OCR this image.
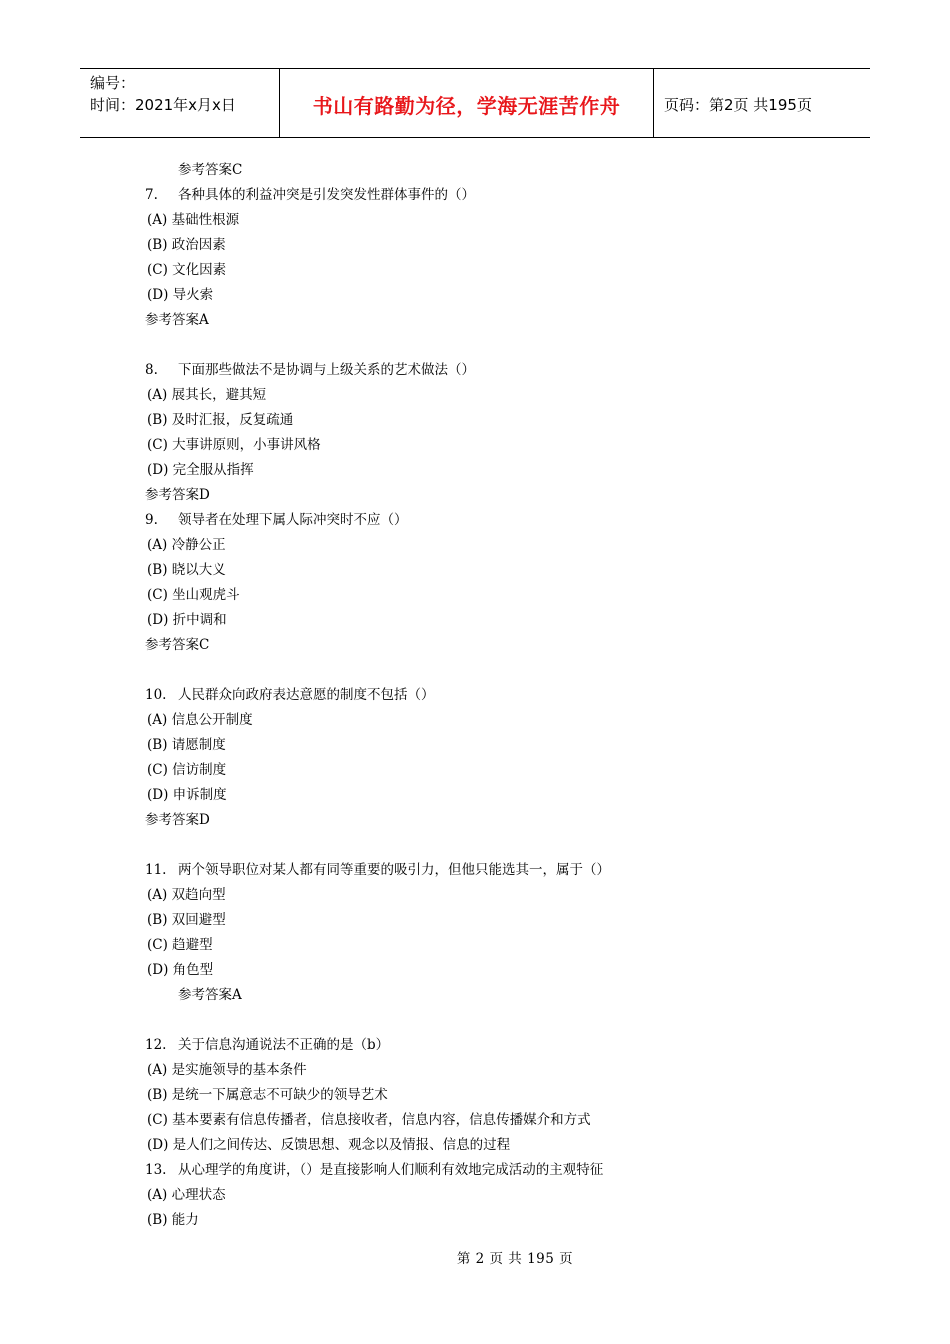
编号：
时间：2021年x月x日	书山有路勤为径，学海无涯苦作舟	页码：第2页 共195页
参考答案C
7. 各种具体的利益冲突是引发突发性群体事件的（）
(A) 基础性根源
(B) 政治因素
(C) 文化因素
(D) 导火索
参考答案A
8. 下面那些做法不是协调与上级关系的艺术做法（）
(A) 展其长，避其短
(B) 及时汇报，反复疏通
(C) 大事讲原则，小事讲风格
(D) 完全服从指挥
参考答案D
9. 领导者在处理下属人际冲突时不应（）
(A) 冷静公正
(B) 晓以大义
(C) 坐山观虎斗
(D) 折中调和
参考答案C
10. 人民群众向政府表达意愿的制度不包括（）
(A) 信息公开制度
(B) 请愿制度
(C) 信访制度
(D) 申诉制度
参考答案D
11. 两个领导职位对某人都有同等重要的吸引力，但他只能选其一，属于（）
(A) 双趋向型
(B) 双回避型
(C) 趋避型
(D) 角色型
参考答案A
12. 关于信息沟通说法不正确的是（b）
(A) 是实施领导的基本条件
(B) 是统一下属意志不可缺少的领导艺术
(C) 基本要素有信息传播者，信息接收者，信息内容，信息传播媒介和方式
(D) 是人们之间传达、反馈思想、观念以及情报、信息的过程
13. 从心理学的角度讲，（）是直接影响人们顺利有效地完成活动的主观特征
(A) 心理状态
(B) 能力
第 2 页 共 195 页
